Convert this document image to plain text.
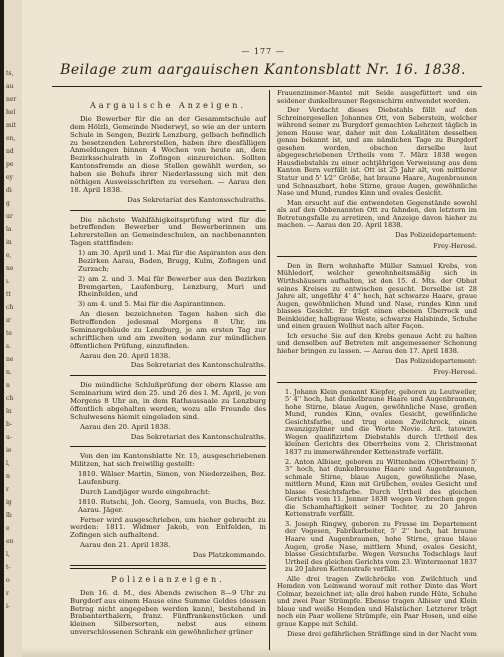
ts,
au
ner
hel
mit
en,
nd
pe
ey
di
g
ur
la
in
e,
ne
ı.
tt
ch
ır
te
s.
ne
n.
n
ch
ln
b-
u-
ie
l,
n
r
ig
lb
e
en
l,
t-
o
r
i-
— 177 —
Beilage zum aargauischen Kantonsblatt Nr. 16. 1838.
Aargauische Anzeigen.

Die Bewerber für die an der Gesammtschule auf dem Hölzli, Gemeinde Niederwyl, so wie an der untern Schule in Sengen, Bezirk Lenzburg, gelbach befindlich zu besetzenden Lehrerstellen, haben ihre diesfälligen Anmeldungen binnen 4 Wochen von heute an, dem Bezirksschulrath in Zofingen einzureichen. Sollten Kantonsfremde an diese Stellen gewählt werden, so haben sie Behufs ihrer Niederlassung sich mit den nöthigen Ausweisschriften zu versehen. — Aarau den 18. April 1838.

Das Sekretariat des Kantonsschulraths.

Die nächste Wahlfähigkeitsprüfung wird für die betreffenden Bewerber und Bewerberinnen um Lehrerstellen an Gemeindeschulen, an nachbenannten Tagen stattfinden:

1) am 30. April und 1. Mai für die Aspiranten aus den Bezirken Aarau, Baden, Brugg, Kulm, Zofingen und Zurzach;

2) am 2. und 3. Mai für Bewerber aus den Bezirken Bremgarten, Laufenburg, Lenzburg, Muri und Rheinfelden, und

3) am 4. und 5. Mai für die Aspirantinnen.

An diesen bezeichneten Tagen haben sich die Betreffenden jedesmal Morgens 8 Uhr, im Seminargebäude zu Lenzburg, je am ersten Tag zur schriftlichen und am zweiten sodann zur mündlichen öffentlichen Prüfung, einzufinden.

Aarau den 20. April 1838.

Das Sekretariat des Kantonschulraths.

Die mündliche Schlußprüfung der obern Klasse am Seminarium wird den 25. und 26 des l. M. April, je von Morgens 8 Uhr an, in dem Rathaussaale zu Lenzburg öffentlich abgehalten werden, wozu alle Freunde des Schulwesens hiemit eingeladen sind.

Aarau den 20. April 1838.

Das Sekretariat des Kantonschulraths.

Von den im Kantonsblatte Nr. 15, ausgeschriebenen Militzen, hat sich freiwillig gestellt:

1810. Wälser Martin, Simon, von Niederzeihen, Bez. Laufenburg.

Durch Landjäger wurde eingebracht:

1810. Rutschi, Joh. Georg, Samuels, von Buchs, Bez. Aarau. Jäger.

Ferner wird ausgeschrieben, um hieher gebracht zu werden: 1811. Widmer Jakob, von Entfelden, in Zofingen sich aufhaltend.

Aarau den 21. April 1838.

Das Platzkommando.
Polizeianzeigen.

Den 16. d. M., des Abends zwischen 8—9 Uhr zu Burgdorf aus einem Hause eine Summe Geldes (dessen Betrag nicht angegeben werden kann), bestehend in Brabanterthalern, franz. Fünffrankenstücken und kleinen Silbersorten, nebst aus einem unverschlossenen Schrank ein gewöhnlicher grüner

Frauenzimmer-Mantel mit Seide ausgefüttert und ein seidener dunkelbrauner Regenschirm entwendet worden.

Der Verdacht dieses Diebstahls fällt auf den Schreinergesellen Johannes Ott, von Seberstein, welcher während seiner zu Burgdorf gemachten Lehrzeit täglich in jenem Hause war, daher mit den Lokalitäten desselben genau bekannt ist, und am nämlichen Tage zu Burgdorf gesehen worden, obschon derselbe laut abgegeschriebenen Urtheils vom 7. März 1838 wegen Hausdiebstahls zu einer achtjährigen Verweisung aus dem Kanton Bern verfällt ist. Ott ist 25 Jahr alt, von mittlerer Statur und 5' 1⁄2'' Größe, hat braune Haare, Augenbraunen und Schnauzbart, hohe Stirne, graue Augen, gewöhnliche Nase und Mund, rundes Kinn und ovales Gesicht.

Man ersucht auf die entwendeten Gegenstände sowohl als auf den Obbenannten Ott zu fahnden, den letztern im Betretungsfalle zu arretiren, und Anzeige davon hieher zu machen. — Aarau den 20. April 1838.

Das Polizeidepartement:
Frey-Herosé.

Den in Bern wohnhafte Müller Samuel Krebs, von Mühledorf, welcher gewohnheitsmäßig sich in Wirthshäusern aufhalten, ist den 15. d. Mts. der Obhut seines Kreises zu entwischen gesucht. Derselbe ist 28 Jahre alt, ungefähr 4' 4'' hoch, hat schwarze Haare, graue Augen, gewöhnlichen Mund und Nase, rundes Kinn und blasses Gesicht. Er trägt einen ebenen Überrock und Beinkleider, halbgraue Weste, schwarze Halsbinde, Schuhe und einen grauen Wollhut nach alter Façon.

Ich ersuche Sie auf den Krebs genaue Acht zu halten und denselben auf Betreten mit angemessener Schonung hieher bringen zu lassen. — Aarau den 17. April 1838.

Das Polizeidepartement:
Frey-Herosé.

1. Johann Klein genannt Kiepfer, geboren zu Leutweiler, 5' 4'' hoch, hat dunkelbraune Haare und Augenbraunen, hohe Stirne, blaue Augen, gewöhnliche Nase, großen Mund, rundes Kinn, ovales Gesicht, gewöhnliche Gesichtsfarbe, und trug einen Zwilchrock, einen zwanzigzyliner und die Worte Novie. Aril. tatowirt. Wegen qualifizirtem Diebstahls durch Urtheil des kleinen Gerichts des Oberrheins vom 2. Christmonat 1837 zu immerwährender Kettenstrafe verfällt.

2. Anton Albiser, geboren zu Wittenheim (Oberrhein) 5' 3'' hoch, hat dunkelbraune Haare und Augenbraunen, schmale Stirne, blaue Augen, gewöhnliche Nase, mittlern Mund, Kinn mit Grübchen, ovales Gesicht und blasse Gesichtsfarbe. Durch Urtheil des gleichen Gerichts vom 11. Jenner 1838 wegen Verbrechen gegen die Schamhaftigkeit seiner Tochter, zu 20 Jahren Kettenstrafe verfällt.

3. Joseph Ringwy, geboren zu Fresse im Departement der Vogesen, Fabrikarbeiter, 5' 2'' hoch, hat braune Haare und Augenbraunen, hohe Stirne, graue blaue Augen, große Nase, mittlern Mund, ovales Gesicht, blasse Gesichtsfarbe. Wegen Versuchs Todschlags laut Urtheil des gleichen Gerichts vom 23. Wintermonat 1837 zu 20 Jahren Kettenstrafe verfällt.

Alle drei tragen Zwilchröcke von Zwilchtuch und Hemden von Leinwand worauf mit rother Dinte das Wort Colmar, bezeichnet ist; alle drei haben runde Hüte, Schuhe und zwei Paar Strümpfe. Ebenso tragen Albiser und Klein blaue und weiße Hemden und Halstücher. Letzterer trägt noch ein Paar wollene Strümpfe, ein Paar Hosen, und eine graue Kappe mit Schild.

Diese drei gefährlichen Sträflinge sind in der Nacht vom
